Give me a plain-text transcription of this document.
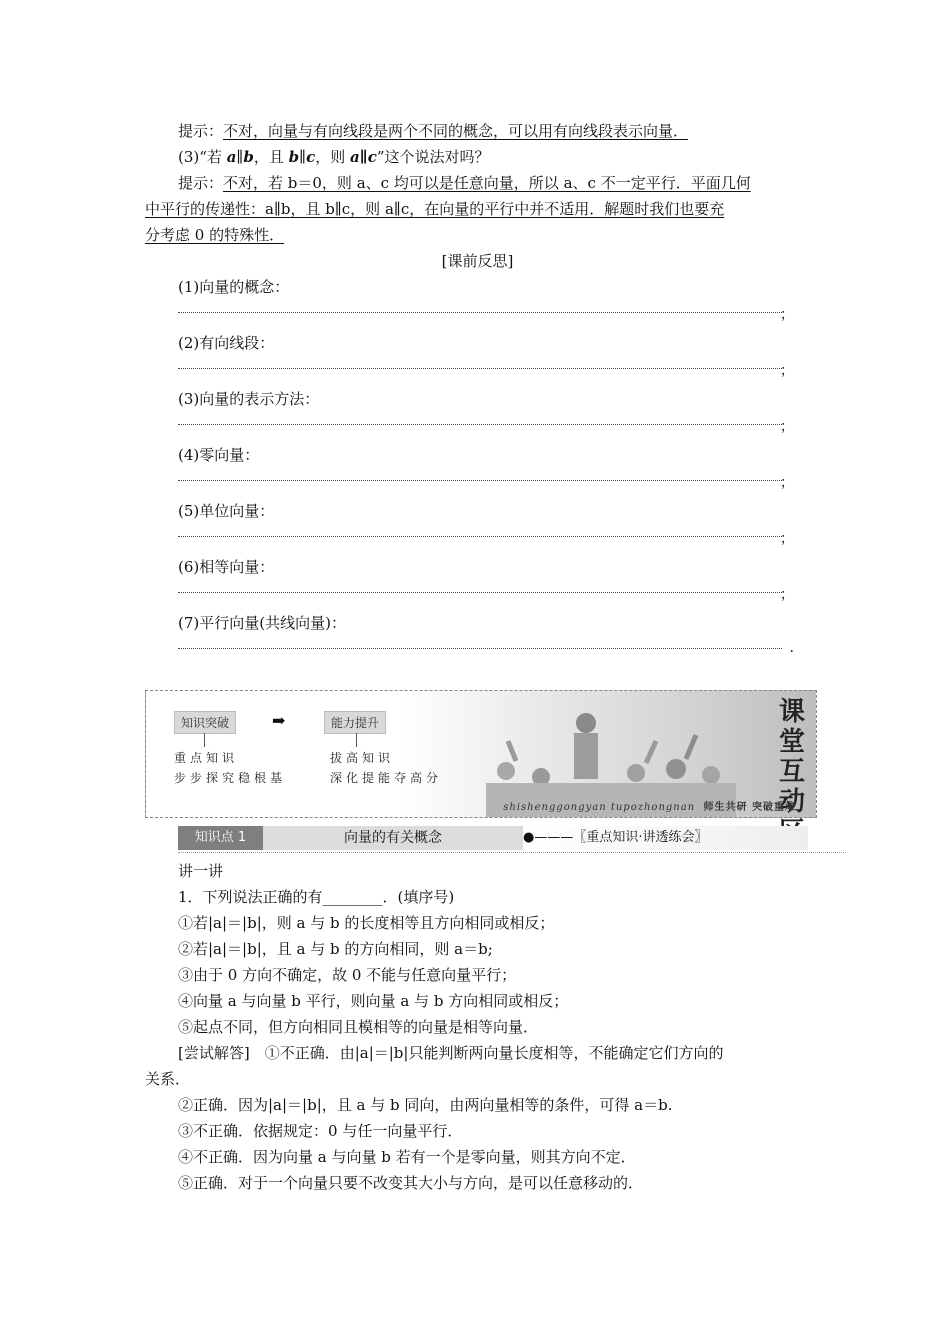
提示：不对，向量与有向线段是两个不同的概念，可以用有向线段表示向量．

(3)“若 a∥b，且 b∥c，则 a∥c”这个说法对吗？

提示：不对，若 b＝0，则 a、c 均可以是任意向量，所以 a、c 不一定平行．平面几何

中平行的传递性：a∥b，且 b∥c，则 a∥c，在向量的平行中并不适用．解题时我们也要充

分考虑 0 的特殊性．

[课前反思]

(1)向量的概念：
；
(2)有向线段：
；
(3)向量的表示方法：
；
(4)零向量：
；
(5)单位向量：
；
(6)相等向量：
；
(7)平行向量(共线向量)：
.
知识突破	➡	能力提升
重点知识
步步探究稳根基
拔高知识
深化提能夺高分
课堂互动
shishenggongyan tupozhongnan 师生共研 突破重难
知识点 1	向量的有关概念	●———〖重点知识·讲透练会〗

讲一讲

1．下列说法正确的有________．(填序号)

①若|a|＝|b|，则 a 与 b 的长度相等且方向相同或相反；

②若|a|＝|b|，且 a 与 b 的方向相同，则 a＝b;

③由于 0 方向不确定，故 0 不能与任意向量平行；

④向量 a 与向量 b 平行，则向量 a 与 b 方向相同或相反；

⑤起点不同，但方向相同且模相等的向量是相等向量．

[尝试解答]　①不正确．由|a|＝|b|只能判断两向量长度相等，不能确定它们方向的

关系．

②正确．因为|a|＝|b|，且 a 与 b 同向，由两向量相等的条件，可得 a＝b.

③不正确．依据规定：0 与任一向量平行．

④不正确．因为向量 a 与向量 b 若有一个是零向量，则其方向不定．

⑤正确．对于一个向量只要不改变其大小与方向，是可以任意移动的．
